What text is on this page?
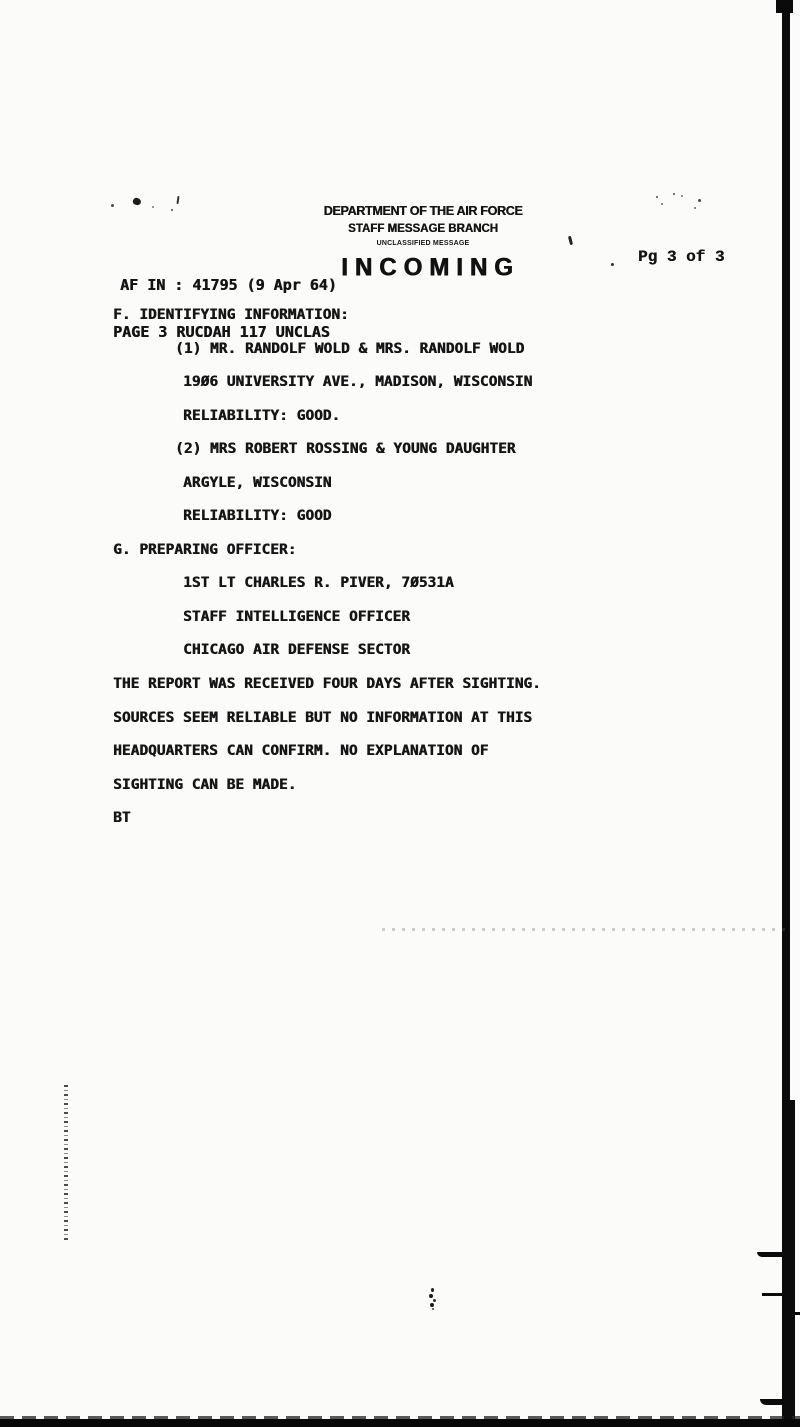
DEPARTMENT OF THE AIR FORCE
STAFF MESSAGE BRANCH
UNCLASSIFIED MESSAGE
INCOMING

AF IN : 41795 (9 Apr 64)

PAGE 3 RUCDAH 117 UNCLAS

Pg 3 of 3
F. IDENTIFYING INFORMATION:
(1) MR. RANDOLF WOLD & MRS. RANDOLF WOLD
19Ø6 UNIVERSITY AVE., MADISON, WISCONSIN
RELIABILITY: GOOD.
(2) MRS ROBERT ROSSING & YOUNG DAUGHTER
ARGYLE, WISCONSIN
RELIABILITY: GOOD
G. PREPARING OFFICER:
1ST LT CHARLES R. PIVER, 7Ø531A
STAFF INTELLIGENCE OFFICER
CHICAGO AIR DEFENSE SECTOR
THE REPORT WAS RECEIVED FOUR DAYS AFTER SIGHTING.
SOURCES SEEM RELIABLE BUT NO INFORMATION AT THIS
HEADQUARTERS CAN CONFIRM. NO EXPLANATION OF
SIGHTING CAN BE MADE.
BT
